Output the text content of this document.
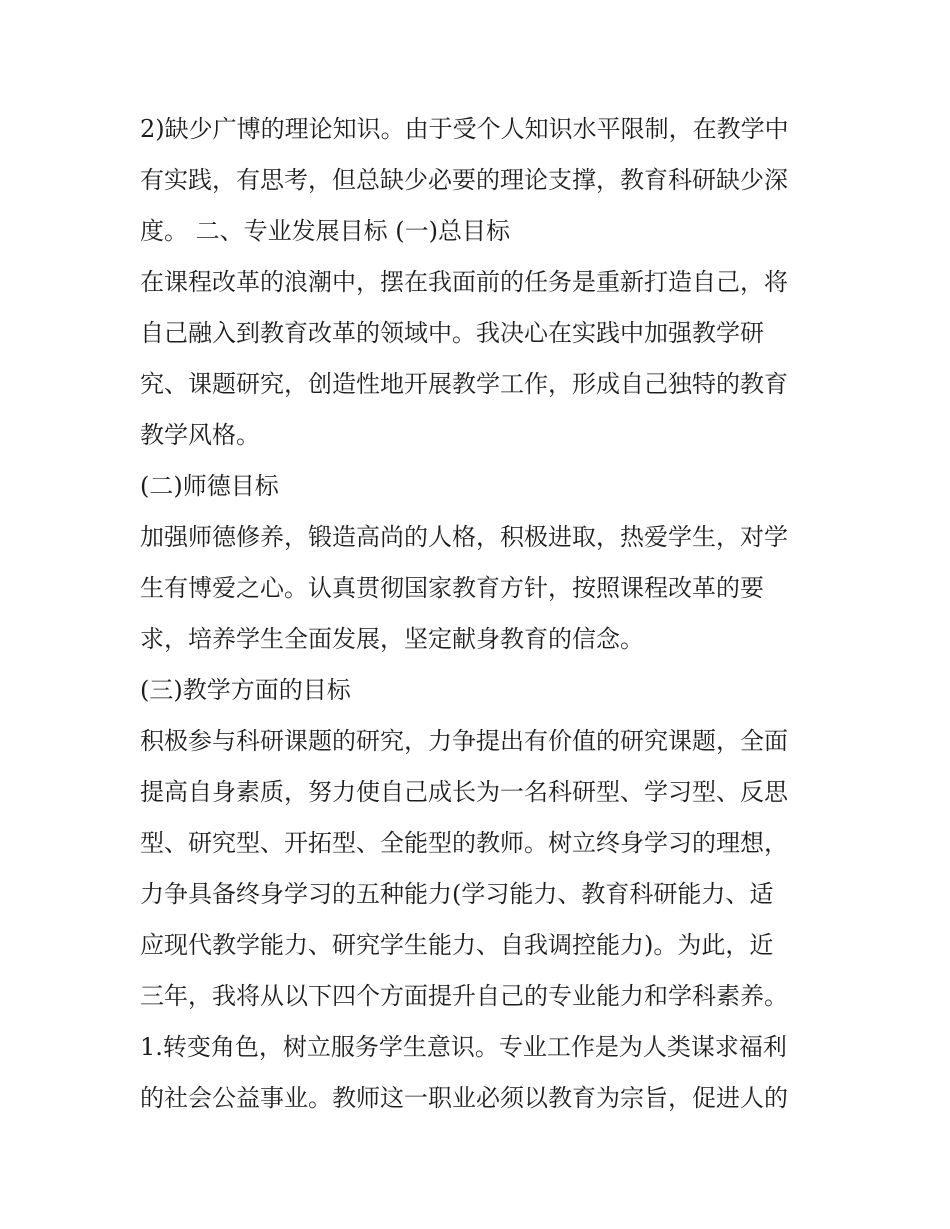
2)缺少广博的理论知识。由于受个人知识水平限制，在教学中
有实践，有思考，但总缺少必要的理论支撑，教育科研缺少深
度。 二、专业发展目标 (一)总目标
在课程改革的浪潮中，摆在我面前的任务是重新打造自己，将
自己融入到教育改革的领域中。我决心在实践中加强教学研
究、课题研究，创造性地开展教学工作，形成自己独特的教育
教学风格。
(二)师德目标
加强师德修养，锻造高尚的人格，积极进取，热爱学生，对学
生有博爱之心。认真贯彻国家教育方针，按照课程改革的要
求，培养学生全面发展，坚定献身教育的信念。
(三)教学方面的目标
积极参与科研课题的研究，力争提出有价值的研究课题，全面
提高自身素质，努力使自己成长为一名科研型、学习型、反思
型、研究型、开拓型、全能型的教师。树立终身学习的理想，
力争具备终身学习的五种能力(学习能力、教育科研能力、适
应现代教学能力、研究学生能力、自我调控能力)。为此，近
三年，我将从以下四个方面提升自己的专业能力和学科素养。
1.转变角色，树立服务学生意识。专业工作是为人类谋求福利
的社会公益事业。教师这一职业必须以教育为宗旨，促进人的
